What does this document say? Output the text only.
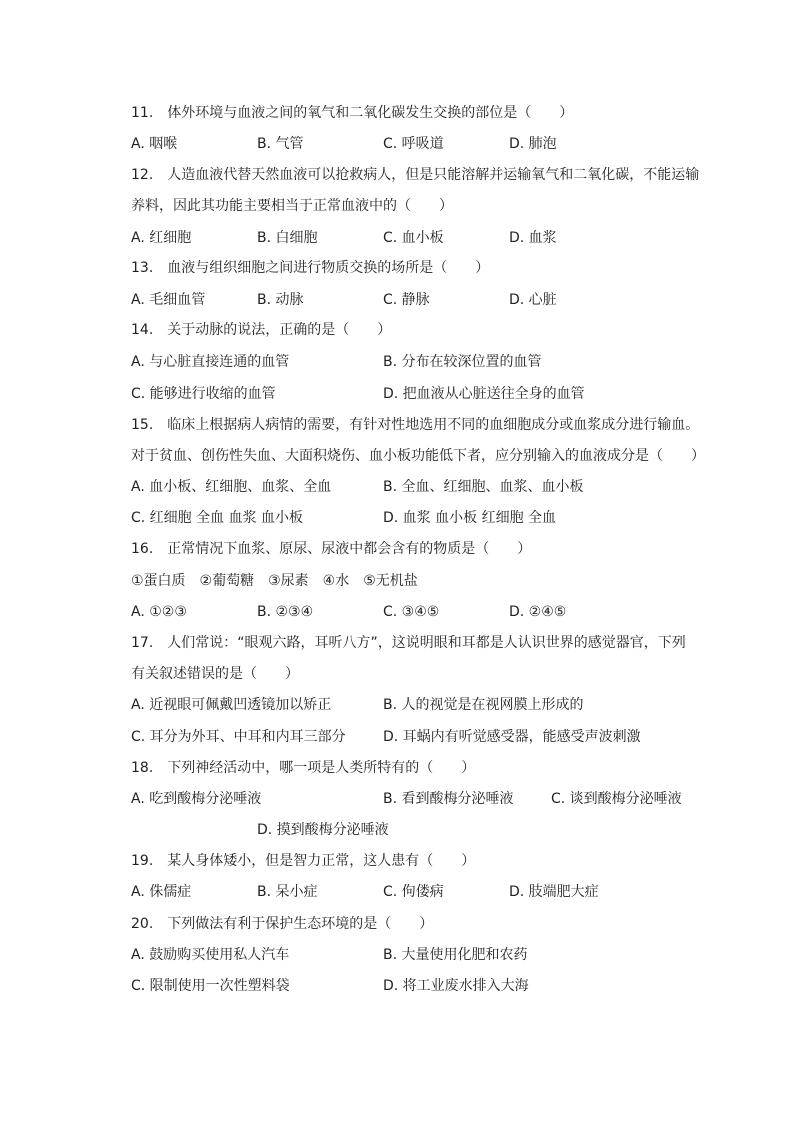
11. 体外环境与血液之间的氧气和二氧化碳发生交换的部位是（　　）
A. 咽喉	B. 气管	C. 呼吸道	D. 肺泡
12. 人造血液代替天然血液可以抢救病人，但是只能溶解并运输氧气和二氧化碳，不能运输
养料，因此其功能主要相当于正常血液中的（　　）
A. 红细胞	B. 白细胞	C. 血小板	D. 血浆
13. 血液与组织细胞之间进行物质交换的场所是（　　）
A. 毛细血管	B. 动脉	C. 静脉	D. 心脏
14. 关于动脉的说法，正确的是（　　）
A. 与心脏直接连通的血管	B. 分布在较深位置的血管
C. 能够进行收缩的血管	D. 把血液从心脏送往全身的血管
15. 临床上根据病人病情的需要，有针对性地选用不同的血细胞成分或血浆成分进行输血。
对于贫血、创伤性失血、大面积烧伤、血小板功能低下者，应分别输入的血液成分是（　　）
A. 血小板、红细胞、血浆、全血	B. 全血、红细胞、血浆、血小板
C. 红细胞 全血 血浆 血小板	D. 血浆 血小板 红细胞 全血
16. 正常情况下血浆、原尿、尿液中都会含有的物质是（　　）
①蛋白质　②葡萄糖　③尿素　④水　⑤无机盐
A. ①②③	B. ②③④	C. ③④⑤	D. ②④⑤
17. 人们常说：“眼观六路，耳听八方”，这说明眼和耳都是人认识世界的感觉器官，下列
有关叙述错误的是（　　）
A. 近视眼可佩戴凹透镜加以矫正	B. 人的视觉是在视网膜上形成的
C. 耳分为外耳、中耳和内耳三部分	D. 耳蜗内有听觉感受器，能感受声波刺激
18. 下列神经活动中，哪一项是人类所特有的（　　）
A. 吃到酸梅分泌唾液	B. 看到酸梅分泌唾液	C. 谈到酸梅分泌唾液
D. 摸到酸梅分泌唾液
19. 某人身体矮小，但是智力正常，这人患有（　　）
A. 侏儒症	B. 呆小症	C. 佝偻病	D. 肢端肥大症
20. 下列做法有利于保护生态环境的是（　　）
A. 鼓励购买使用私人汽车	B. 大量使用化肥和农药
C. 限制使用一次性塑料袋	D. 将工业废水排入大海
